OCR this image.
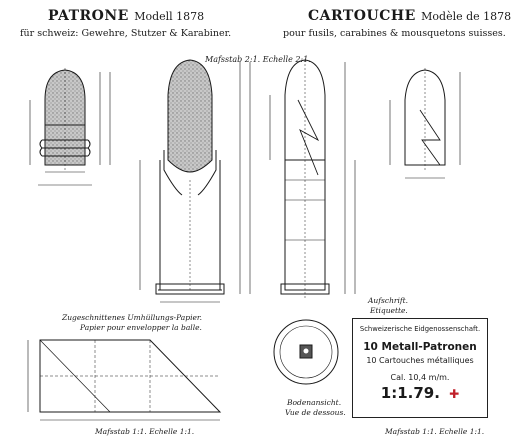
PATRONE Modell 1878
für schweiz: Gewehre, Stutzer & Karabiner.
CARTOUCHE Modèle de 1878
pour fusils, carabines & mousquetons suisses.
Mafsstab 2:1. Echelle 2:1.
Zugeschnittenes Umhüllungs-Papier.
Papier pour envelopper la balle.
Mafsstab 1:1. Echelle 1:1.
Bodenansicht.
Vue de dessous.
Aufschrift.
Etiquette.
Mafsstab 1:1. Echelle 1:1.
Schweizerische Eidgenossenschaft.
10 Metall-Patronen
10 Cartouches métalliques
Cal. 10,4 m/m.
1:1.79. ✚
